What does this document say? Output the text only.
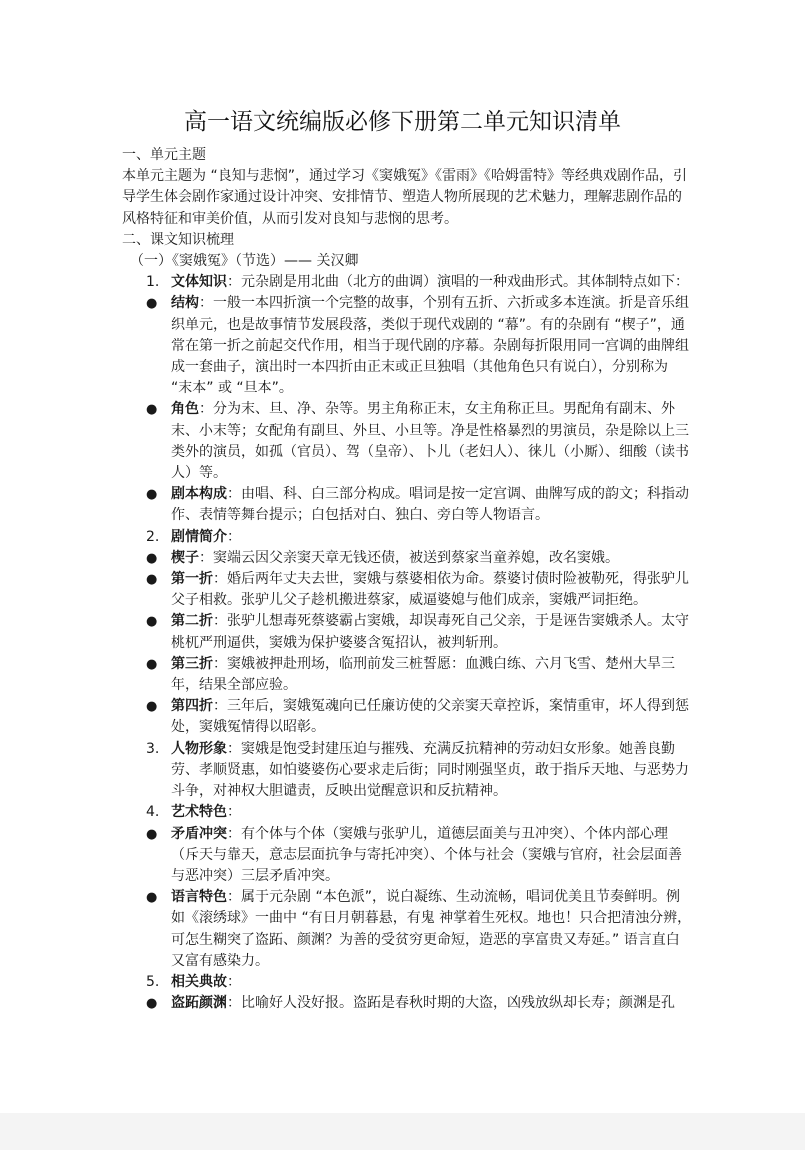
高一语文统编版必修下册第二单元知识清单
一、单元主题
本单元主题为 “良知与悲悯”，通过学习《窦娥冤》《雷雨》《哈姆雷特》等经典戏剧作品，引导学生体会剧作家通过设计冲突、安排情节、塑造人物所展现的艺术魅力，理解悲剧作品的风格特征和审美价值，从而引发对良知与悲悯的思考。
二、课文知识梳理
（一）《窦娥冤》（节选）—— 关汉卿
1. 文体知识：元杂剧是用北曲（北方的曲调）演唱的一种戏曲形式。其体制特点如下：
● 结构：一般一本四折演一个完整的故事，个别有五折、六折或多本连演。折是音乐组织单元，也是故事情节发展段落，类似于现代戏剧的 “幕”。有的杂剧有 “楔子”，通常在第一折之前起交代作用，相当于现代剧的序幕。杂剧每折限用同一宫调的曲牌组成一套曲子，演出时一本四折由正末或正旦独唱（其他角色只有说白），分别称为 “末本” 或 “旦本”。
● 角色：分为末、旦、净、杂等。男主角称正末，女主角称正旦。男配角有副末、外末、小末等；女配角有副旦、外旦、小旦等。净是性格暴烈的男演员，杂是除以上三类外的演员，如孤（官员）、驾（皇帝）、卜儿（老妇人）、徕儿（小厮）、细酸（读书人）等。
● 剧本构成：由唱、科、白三部分构成。唱词是按一定宫调、曲牌写成的韵文；科指动作、表情等舞台提示；白包括对白、独白、旁白等人物语言。
2. 剧情简介：
● 楔子：窦端云因父亲窦天章无钱还债，被送到蔡家当童养媳，改名窦娥。
● 第一折：婚后两年丈夫去世，窦娥与蔡婆相依为命。蔡婆讨债时险被勒死，得张驴儿父子相救。张驴儿父子趁机搬进蔡家，威逼婆媳与他们成亲，窦娥严词拒绝。
● 第二折：张驴儿想毒死蔡婆霸占窦娥，却误毒死自己父亲，于是诬告窦娥杀人。太守桃杌严刑逼供，窦娥为保护婆婆含冤招认，被判斩刑。
● 第三折：窦娥被押赴刑场，临刑前发三桩誓愿：血溅白练、六月飞雪、楚州大旱三年，结果全部应验。
● 第四折：三年后，窦娥冤魂向已任廉访使的父亲窦天章控诉，案情重审，坏人得到惩处，窦娥冤情得以昭彰。
3. 人物形象：窦娥是饱受封建压迫与摧残、充满反抗精神的劳动妇女形象。她善良勤劳、孝顺贤惠，如怕婆婆伤心要求走后街；同时刚强坚贞，敢于指斥天地、与恶势力斗争，对神权大胆谴责，反映出觉醒意识和反抗精神。
4. 艺术特色：
● 矛盾冲突：有个体与个体（窦娥与张驴儿，道德层面美与丑冲突）、个体内部心理（斥天与靠天，意志层面抗争与寄托冲突）、个体与社会（窦娥与官府，社会层面善与恶冲突）三层矛盾冲突。
● 语言特色：属于元杂剧 “本色派”，说白凝练、生动流畅，唱词优美且节奏鲜明。例如《滚绣球》一曲中 “有日月朝暮悬，有鬼 神掌着生死权。地也！只合把清浊分辨，可怎生糊突了盗跖、颜渊？为善的受贫穷更命短，造恶的享富贵又寿延。” 语言直白又富有感染力。
5. 相关典故：
● 盗跖颜渊：比喻好人没好报。盗跖是春秋时期的大盗，凶残放纵却长寿；颜渊是孔
